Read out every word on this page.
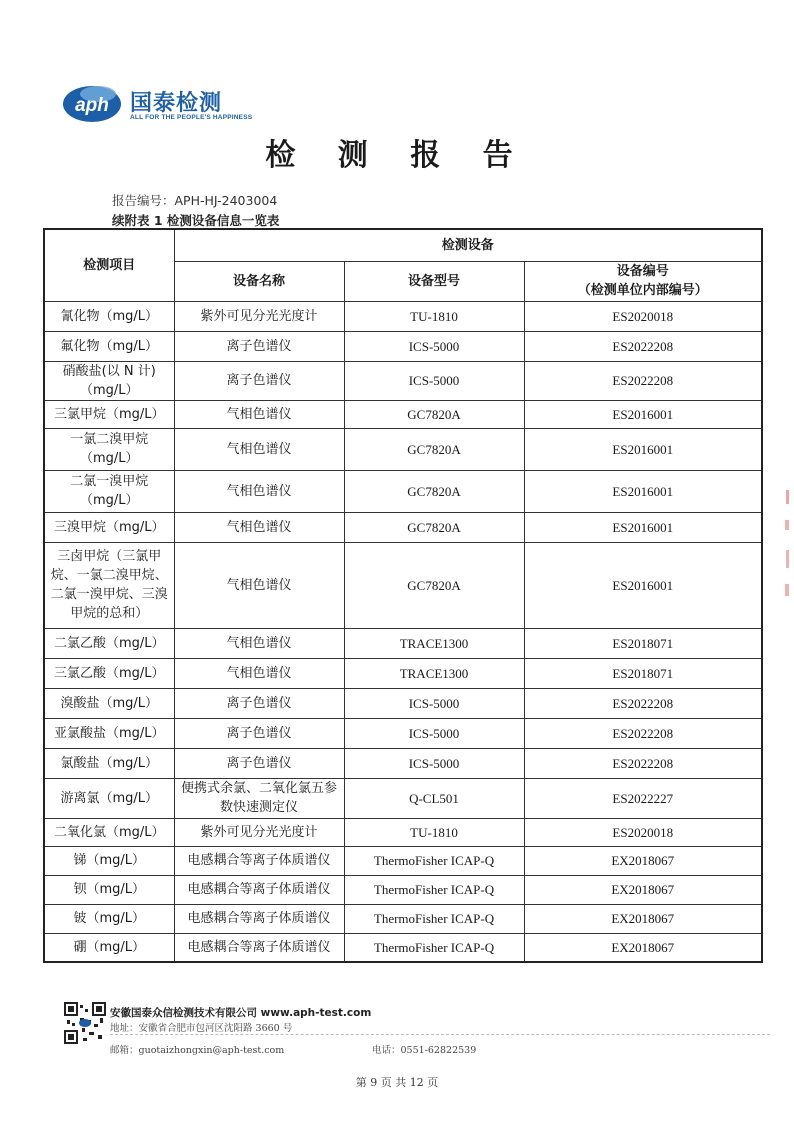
aph 国泰检测
ALL FOR THE PEOPLE'S HAPPINESS
检 测 报 告
报告编号：APH-HJ-2403004
续附表 1 检测设备信息一览表
检测项目	检测设备		
	设备名称	设备型号	设备编号
（检测单位内部编号）

氰化物（mg/L）	紫外可见分光光度计	TU-1810	ES2020018
氟化物（mg/L）	离子色谱仪	ICS-5000	ES2022208
硝酸盐(以 N 计)（mg/L）	离子色谱仪	ICS-5000	ES2022208
三氯甲烷（mg/L）	气相色谱仪	GC7820A	ES2016001
一氯二溴甲烷（mg/L）	气相色谱仪	GC7820A	ES2016001
二氯一溴甲烷（mg/L）	气相色谱仪	GC7820A	ES2016001
三溴甲烷（mg/L）	气相色谱仪	GC7820A	ES2016001
三卤甲烷（三氯甲烷、一氯二溴甲烷、二氯一溴甲烷、三溴甲烷的总和）	气相色谱仪	GC7820A	ES2016001
二氯乙酸（mg/L）	气相色谱仪	TRACE1300	ES2018071
三氯乙酸（mg/L）	气相色谱仪	TRACE1300	ES2018071
溴酸盐（mg/L）	离子色谱仪	ICS-5000	ES2022208
亚氯酸盐（mg/L）	离子色谱仪	ICS-5000	ES2022208
氯酸盐（mg/L）	离子色谱仪	ICS-5000	ES2022208
游离氯（mg/L）	便携式余氯、二氧化氯五参数快速测定仪	Q-CL501	ES2022227
二氧化氯（mg/L）	紫外可见分光光度计	TU-1810	ES2020018
锑（mg/L）	电感耦合等离子体质谱仪	ThermoFisher ICAP-Q	EX2018067
钡（mg/L）	电感耦合等离子体质谱仪	ThermoFisher ICAP-Q	EX2018067
铍（mg/L）	电感耦合等离子体质谱仪	ThermoFisher ICAP-Q	EX2018067
硼（mg/L）	电感耦合等离子体质谱仪	ThermoFisher ICAP-Q	EX2018067
安徽国泰众信检测技术有限公司 www.aph-test.com
地址：安徽省合肥市包河区沈阳路 3660 号
邮箱：guotaizhongxin@aph-test.com	电话：0551-62822539
第 9 页 共 12 页
